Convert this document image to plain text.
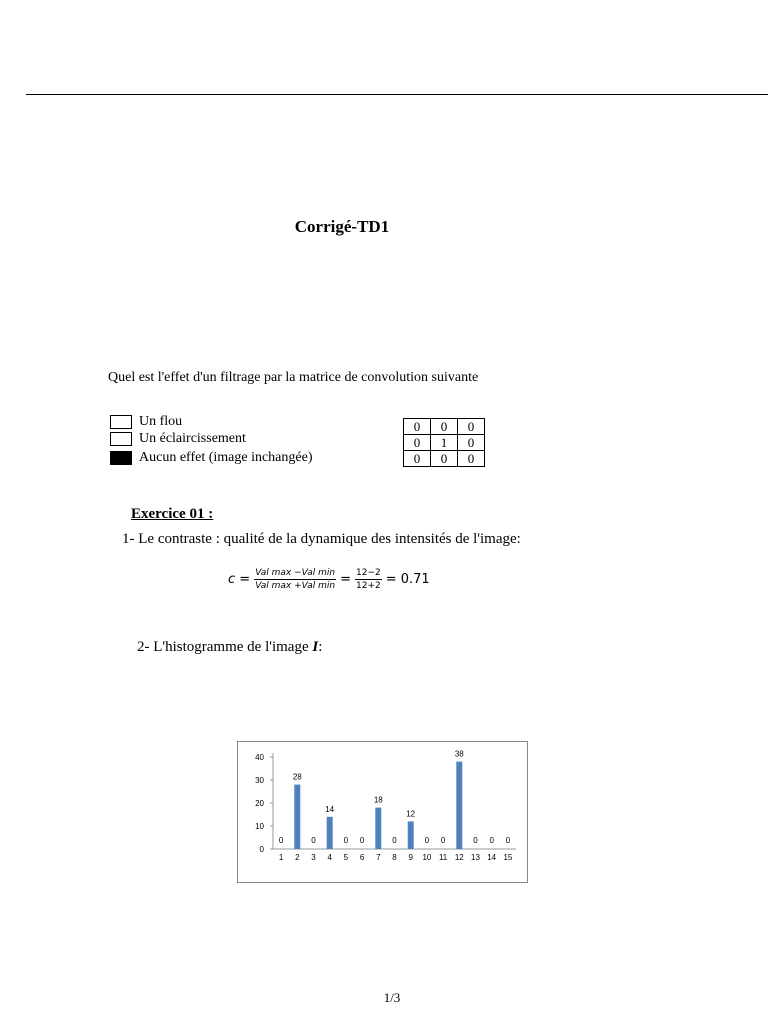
Corrigé-TD1
Quel est l'effet d'un filtrage par la matrice de convolution suivante
Un flou
Un éclaircissement
Aucun effet (image inchangée)
0	0	0
0	1	0
0	0	0
Exercice 01 :
1- Le contraste : qualité de la dynamique des intensités de l'image:
$c = \frac{\text{Val max −Val min}}{\text{Val max +Val min}} = \frac{12-2}{12+2} = 0.71$
2- L'histogramme de l'image I:
0
10
20
30
40
0
1
28
2
0
3
14
4
0
5
0
6
18
7
0
8
12
9
0
10
0
11
38
12
0
13
0
14
0
15
1/3
